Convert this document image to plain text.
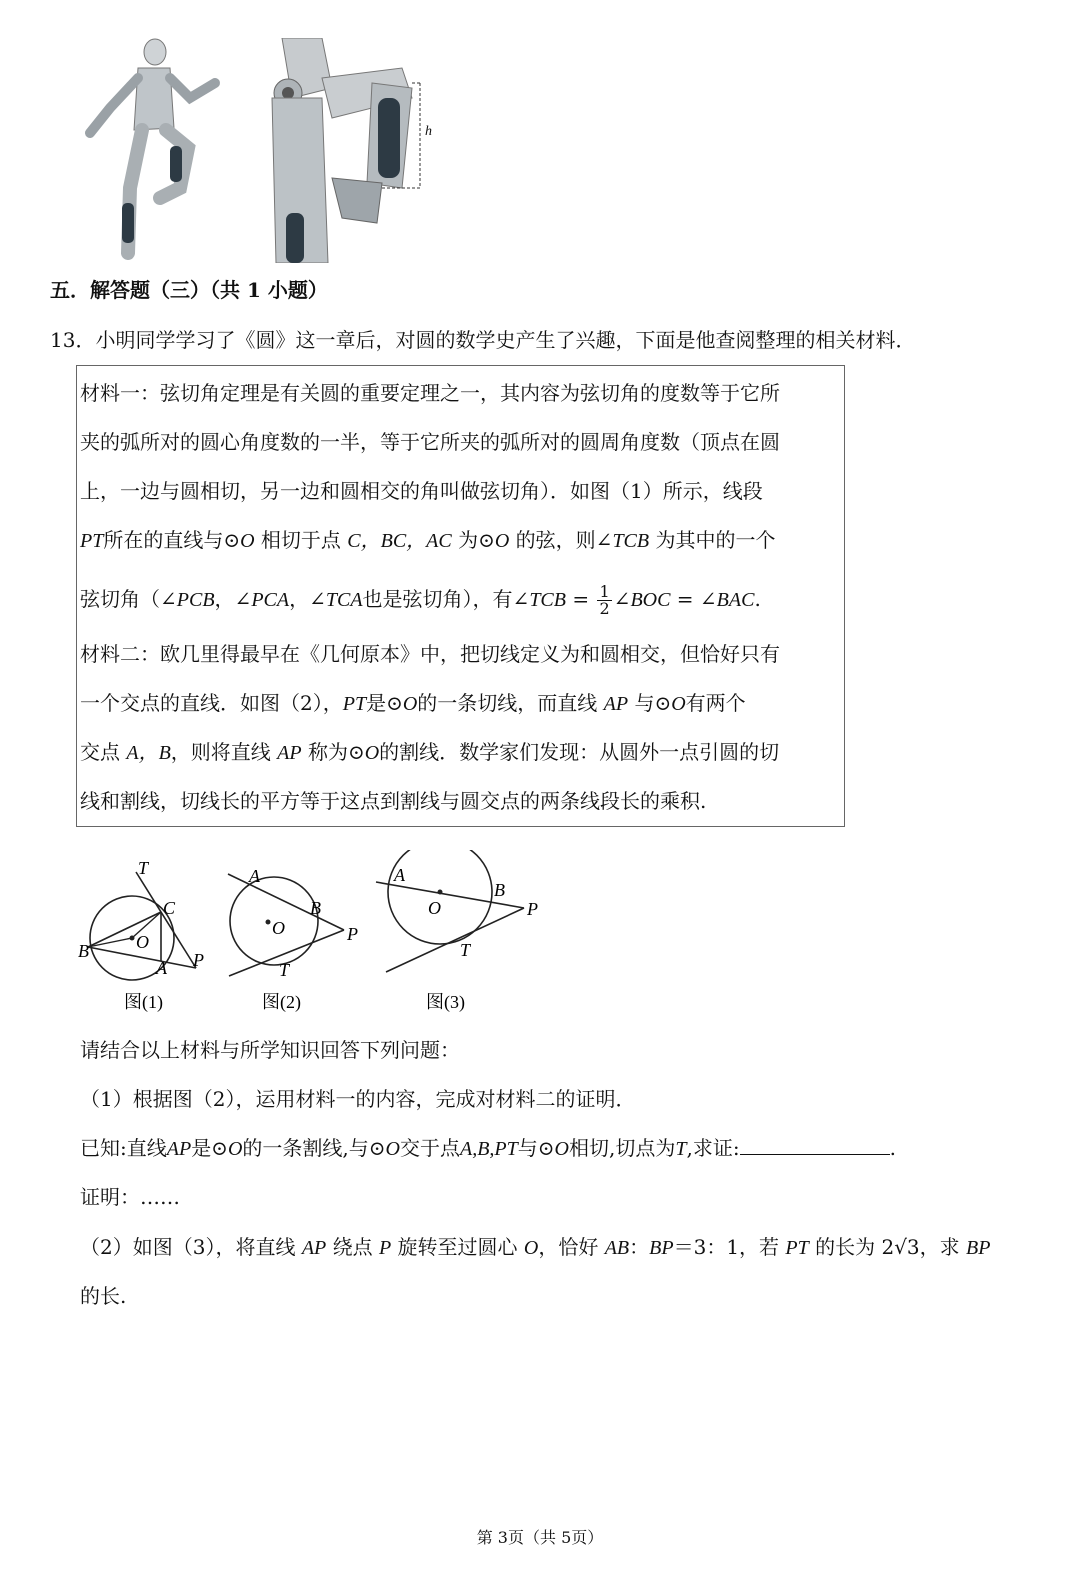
h
五．解答题（三）（共 1 小题）
13．小明同学学习了《圆》这一章后，对圆的数学史产生了兴趣，下面是他查阅整理的相关材料．
材料一：弦切角定理是有关圆的重要定理之一，其内容为弦切角的度数等于它所
夹的弧所对的圆心角度数的一半，等于它所夹的弧所对的圆周角度数（顶点在圆
上，一边与圆相切，另一边和圆相交的角叫做弦切角）．如图（1）所示，线段
PT所在的直线与⊙O 相切于点 C，BC，AC 为⊙O 的弦，则∠TCB 为其中的一个
弦切角（∠PCB，∠PCA，∠TCA也是弦切角），有∠TCB = $\frac{1}{2}$ ∠BOC = ∠BAC.
材料二：欧几里得最早在《几何原本》中，把切线定义为和圆相交，但恰好只有
一个交点的直线．如图（2），PT是⊙O的一条切线，而直线 AP 与⊙O有两个
交点 A，B，则将直线 AP 称为⊙O的割线．数学家们发现：从圆外一点引圆的切
线和割线，切线长的平方等于这点到割线与圆交点的两条线段长的乘积.
T
C
B	O
A P
图(1)
A
B
O	P
T
图(2)
A
O
B
P
T
图(3)
请结合以上材料与所学知识回答下列问题：
（1）根据图（2），运用材料一的内容，完成对材料二的证明．
已知:直线AP是⊙O的一条割线,与⊙O交于点A,B,PT与⊙O相切,切点为T,求证:	.
证明：……
（2）如图（3），将直线 AP 绕点 P 旋转至过圆心 O，恰好 AB：BP＝3：1，若 PT 的长为 2√3，求 BP
的长.
第 3页（共 5页）
